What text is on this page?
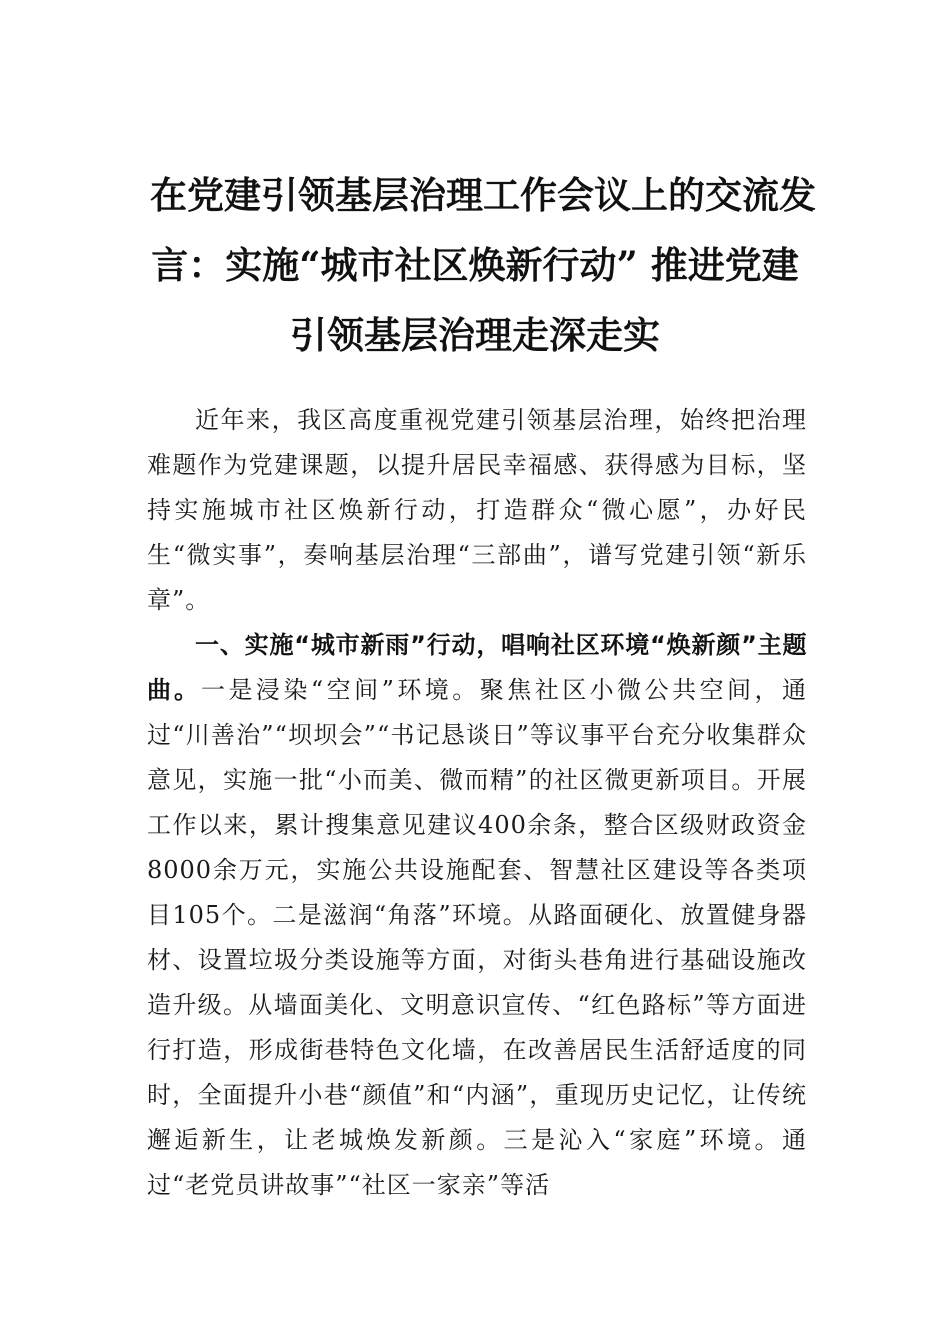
在党建引领基层治理工作会议上的交流发
言：实施“城市社区焕新行动” 推进党建
引领基层治理走深走实

近年来，我区高度重视党建引领基层治理，始终把治理难题作为党建课题，以提升居民幸福感、获得感为目标，坚持实施城市社区焕新行动，打造群众“微心愿”，办好民生“微实事”，奏响基层治理“三部曲”，谱写党建引领“新乐章”。

一、实施“城市新雨”行动，唱响社区环境“焕新颜”主题曲。一是浸染“空间”环境。聚焦社区小微公共空间，通过“川善治”“坝坝会”“书记恳谈日”等议事平台充分收集群众意见，实施一批“小而美、微而精”的社区微更新项目。开展工作以来，累计搜集意见建议400余条，整合区级财政资金8000余万元，实施公共设施配套、智慧社区建设等各类项目105个。二是滋润“角落”环境。从路面硬化、放置健身器材、设置垃圾分类设施等方面，对街头巷角进行基础设施改造升级。从墙面美化、文明意识宣传、“红色路标”等方面进行打造，形成街巷特色文化墙，在改善居民生活舒适度的同时，全面提升小巷“颜值”和“内涵”，重现历史记忆，让传统邂逅新生，让老城焕发新颜。三是沁入“家庭”环境。通过“老党员讲故事”“社区一家亲”等活
